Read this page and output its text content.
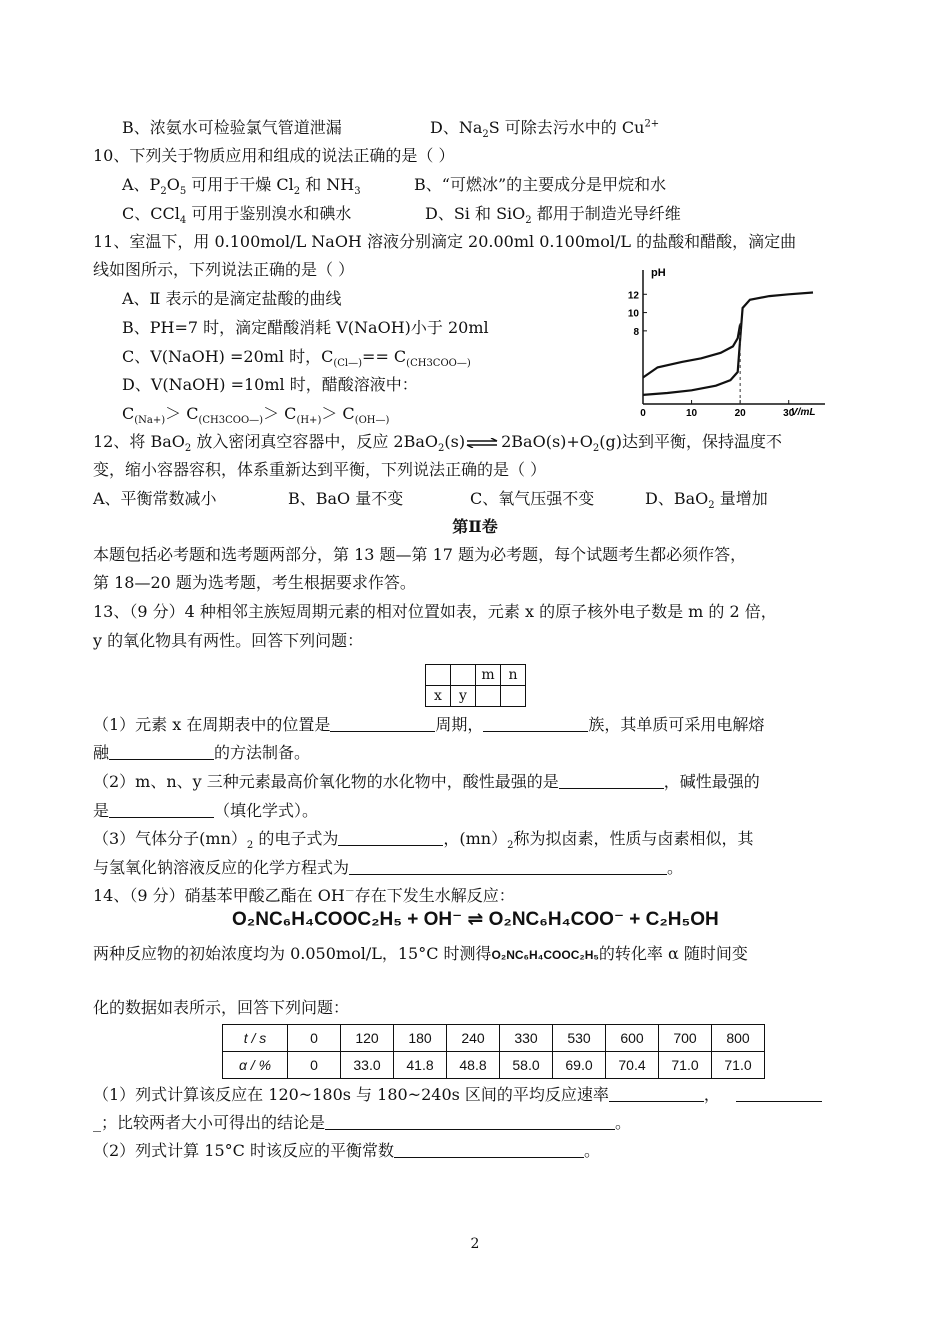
B、浓氨水可检验氯气管道泄漏	D、$Na_2S$ 可除去污水中的 $Cu^{2+}$
10、下列关于物质应用和组成的说法正确的是（ ）
A、$P_2O_5$ 可用于干燥 $Cl_2$ 和 $NH_3$	B、“可燃冰”的主要成分是甲烷和水
C、CCl$_4$ 可用于鉴别溴水和碘水	D、Si 和 SiO$_2$ 都用于制造光导纤维
11、室温下，用 0.100mol/L NaOH 溶液分别滴定 20.00ml 0.100mol/L 的盐酸和醋酸，滴定曲
线如图所示，下列说法正确的是（ ）
A、Ⅱ 表示的是滴定盐酸的曲线
B、PH=7 时，滴定醋酸消耗 V(NaOH)小于 20ml
C、V(NaOH) =20ml 时，$C_{(Cl—)}== C_{(CH3COO—)}$
D、V(NaOH) =10ml 时，醋酸溶液中：
$C_{(Na+)}> C_{(CH3COO—)}> C_{(H+)}> C_{(OH—)}$
pH
V/mL
12
10
8
0	10	20	30
12、将 BaO$_2$ 放入密闭真空容器中，反应 $2BaO_2(s)\rightleftharpoons 2BaO(s)+O_2(g)$达到平衡，保持温度不
变，缩小容器容积，体系重新达到平衡，下列说法正确的是（ ）
A、平衡常数减小	B、BaO 量不变	C、氧气压强不变	D、BaO$_2$ 量增加
第Ⅱ卷
本题包括必考题和选考题两部分，第 13 题—第 17 题为必考题，每个试题考生都必须作答，
第 18—20 题为选考题，考生根据要求作答。
13、（9 分）4 种相邻主族短周期元素的相对位置如表，元素 x 的原子核外电子数是 m 的 2 倍，
y 的氧化物具有两性。回答下列问题：
		m	n
x	y		
（1）元素 x 在周期表中的位置是	周期，	族，其单质可采用电解熔
融	的方法制备。
（2）m、n、y 三种元素最高价氧化物的水化物中，酸性最强的是	，碱性最强的
是	（填化学式）。
（3）气体分子$(mn)_2$ 的电子式为	，$(mn)_2$称为拟卤素，性质与卤素相似，其
与氢氧化钠溶液反应的化学方程式为	。
14、（9 分）硝基苯甲酸乙酯在 OH－存在下发生水解反应：
O₂NC₆H₄COOC₂H₅ + OH⁻ ⇌ O₂NC₆H₄COO⁻ + C₂H₅OH
两种反应物的初始浓度均为 0.050mol/L，15°C 时测得O₂NC₆H₄COOC₂H₅的转化率 α 随时间变
化的数据如表所示，回答下列问题：
t / s	0	120	180	240	330	530	600	700	800
α / %	0	33.0	41.8	48.8	58.0	69.0	70.4	71.0	71.0
（1）列式计算该反应在 120~180s 与 180~240s 区间的平均反应速率	，
_；比较两者大小可得出的结论是	。
（2）列式计算 15°C 时该反应的平衡常数	。
2
